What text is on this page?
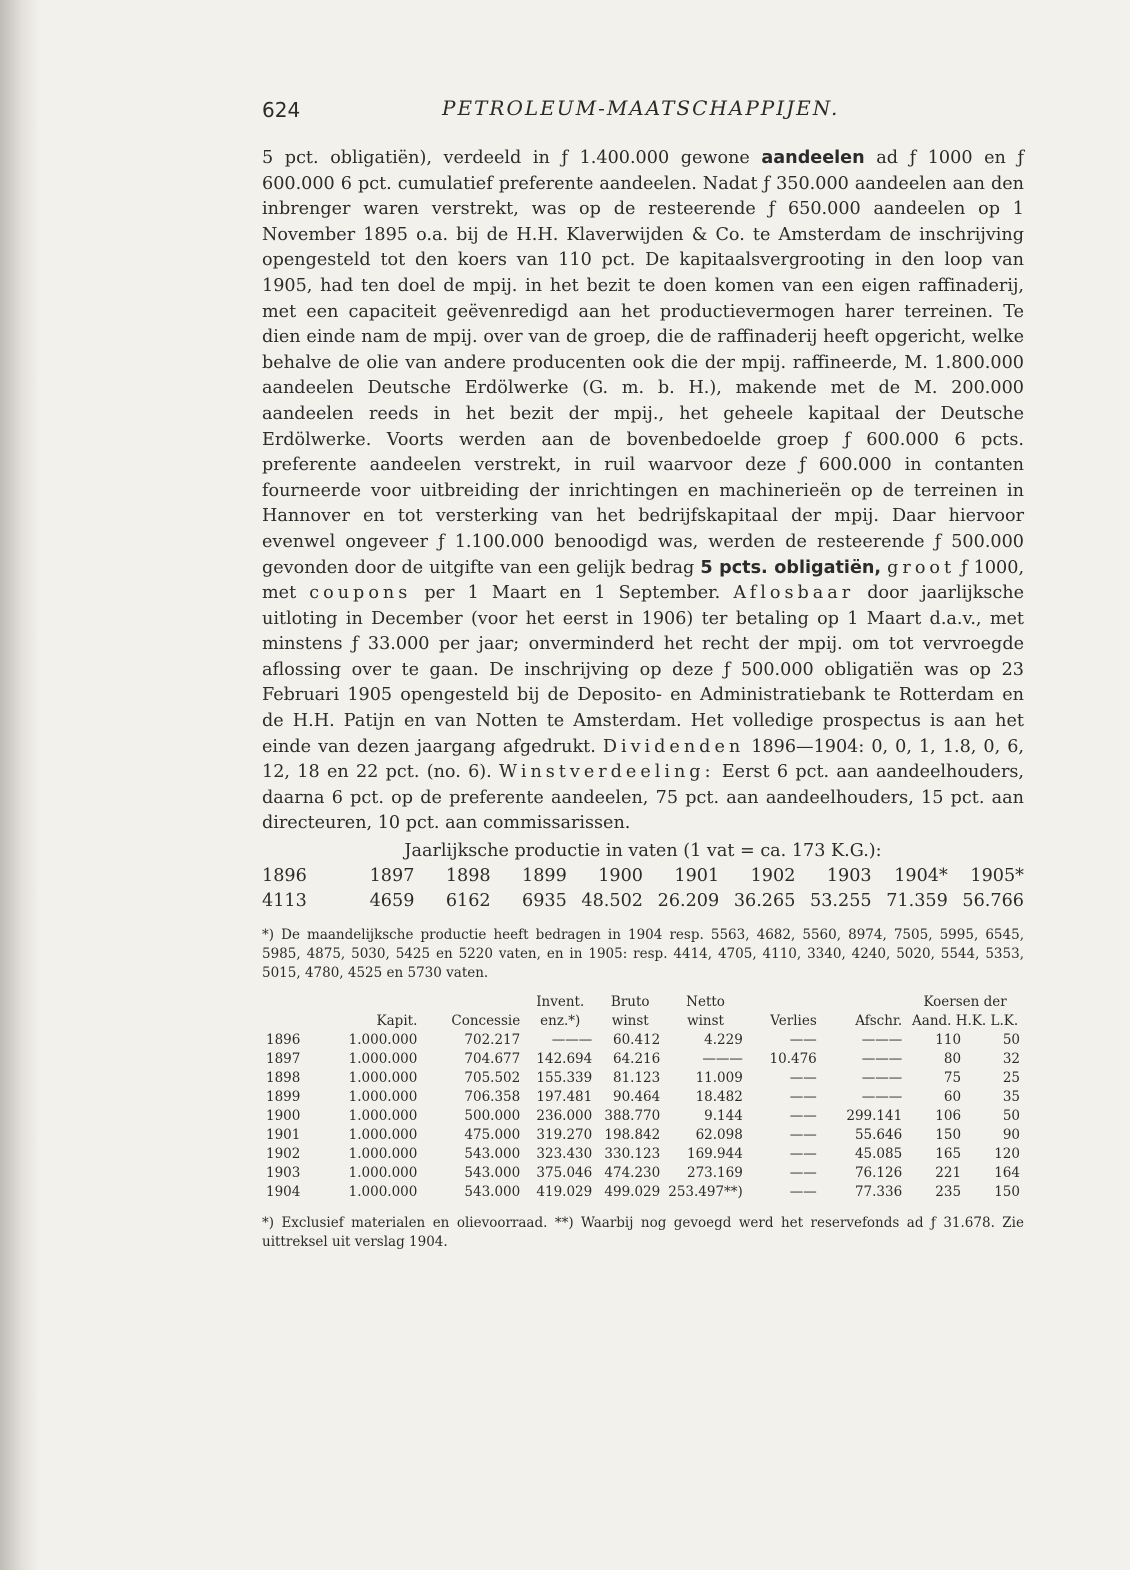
624	PETROLEUM-MAATSCHAPPIJEN.

5 pct. obligatiën), verdeeld in ƒ 1.400.000 gewone aandeelen ad ƒ 1000 en ƒ 600.000 6 pct. cumulatief preferente aandeelen. Nadat ƒ 350.000 aandeelen aan den inbrenger waren verstrekt, was op de resteerende ƒ 650.000 aandeelen op 1 November 1895 o.a. bij de H.H. Klaverwijden & Co. te Amsterdam de inschrijving opengesteld tot den koers van 110 pct. De kapitaalsvergrooting in den loop van 1905, had ten doel de mpij. in het bezit te doen komen van een eigen raffinaderij, met een capaciteit geëvenredigd aan het productievermogen harer terreinen. Te dien einde nam de mpij. over van de groep, die de raffinaderij heeft opgericht, welke behalve de olie van andere producenten ook die der mpij. raffineerde, M. 1.800.000 aandeelen Deutsche Erdölwerke (G. m. b. H.), makende met de M. 200.000 aandeelen reeds in het bezit der mpij., het geheele kapitaal der Deutsche Erdölwerke. Voorts werden aan de bovenbedoelde groep ƒ 600.000 6 pcts. preferente aandeelen verstrekt, in ruil waarvoor deze ƒ 600.000 in contanten fourneerde voor uitbreiding der inrichtingen en machinerieën op de terreinen in Hannover en tot versterking van het bedrijfskapitaal der mpij. Daar hiervoor evenwel ongeveer ƒ 1.100.000 benoodigd was, werden de resteerende ƒ 500.000 gevonden door de uitgifte van een gelijk bedrag 5 pcts. obligatiën, groot ƒ 1000, met coupons per 1 Maart en 1 September. Aflosbaar door jaarlijksche uitloting in December (voor het eerst in 1906) ter betaling op 1 Maart d.a.v., met minstens ƒ 33.000 per jaar; onverminderd het recht der mpij. om tot vervroegde aflossing over te gaan. De inschrijving op deze ƒ 500.000 obligatiën was op 23 Februari 1905 opengesteld bij de Deposito- en Administratiebank te Rotterdam en de H.H. Patijn en van Notten te Amsterdam. Het volledige prospectus is aan het einde van dezen jaargang afgedrukt. Dividenden 1896—1904: 0, 0, 1, 1.8, 0, 6, 12, 18 en 22 pct. (no. 6). Winstverdeeling: Eerst 6 pct. aan aandeelhouders, daarna 6 pct. op de preferente aandeelen, 75 pct. aan aandeelhouders, 15 pct. aan directeuren, 10 pct. aan commissarissen.

Jaarlijksche productie in vaten (1 vat = ca. 173 K.G.):
1896	1897	1898	1899	1900	1901	1902	1903	1904*	1905*
4113	4659	6162	6935 48.502 26.209 36.265 53.255 71.359 56.766
*) De maandelijksche productie heeft bedragen in 1904 resp. 5563, 4682, 5560, 8974, 7505, 5995, 6545, 5985, 4875, 5030, 5425 en 5220 vaten, en in 1905: resp. 4414, 4705, 4110, 3340, 4240, 5020, 5544, 5353, 5015, 4780, 4525 en 5730 vaten.
	Kapit.	Concessie	Invent. enz.*)	Bruto winst	Netto winst	Verlies	Afschr.	Koersen der Aand. H.K. L.K.	
1896	1.000.000	702.217	———	60.412	4.229	——	———	110	50
1897	1.000.000	704.677	142.694	64.216	———	10.476	———	80	32
1898	1.000.000	705.502	155.339	81.123	11.009	——	———	75	25
1899	1.000.000	706.358	197.481	90.464	18.482	——	———	60	35
1900	1.000.000	500.000	236.000	388.770	9.144	——	299.141	106	50
1901	1.000.000	475.000	319.270	198.842	62.098	——	55.646	150	90
1902	1.000.000	543.000	323.430	330.123	169.944	——	45.085	165	120
1903	1.000.000	543.000	375.046	474.230	273.169	——	76.126	221	164
1904	1.000.000	543.000	419.029	499.029	253.497**)	——	77.336	235	150
*) Exclusief materialen en olievoorraad. **) Waarbij nog gevoegd werd het reservefonds ad ƒ 31.678. Zie uittreksel uit verslag 1904.
